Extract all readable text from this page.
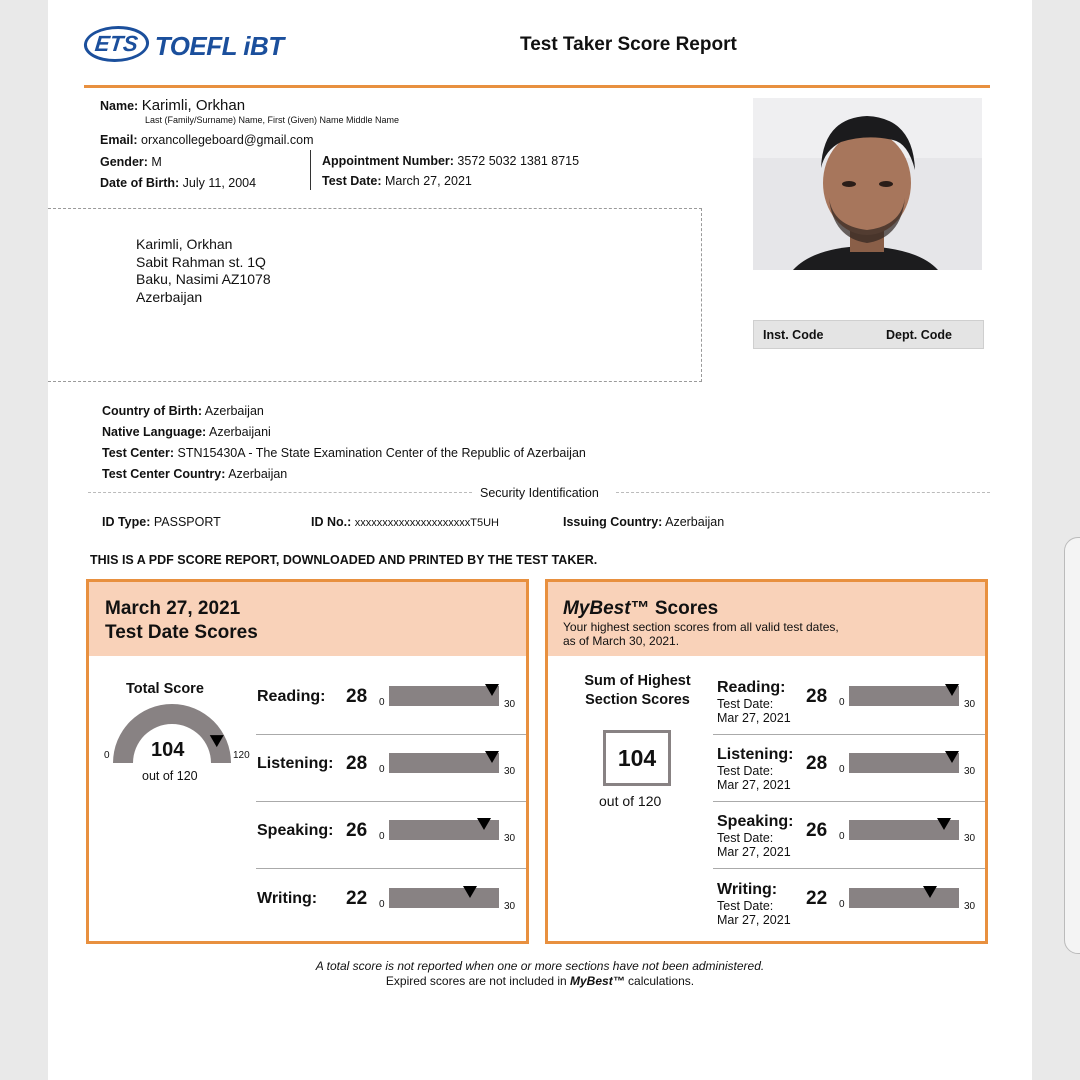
ETS TOEFL iBT	Test Taker Score Report
Name: Karimli, Orkhan
Last (Family/Surname) Name, First (Given) Name Middle Name
Email: orxancollegeboard@gmail.com
Gender: M
Date of Birth: July 11, 2004
Appointment Number: 3572 5032 1381 8715
Test Date: March 27, 2021
Karimli, Orkhan
Sabit Rahman st. 1Q
Baku, Nasimi AZ1078
Azerbaijan
Inst. Code	Dept. Code
Country of Birth: Azerbaijan
Native Language: Azerbaijani
Test Center: STN15430A - The State Examination Center of the Republic of Azerbaijan
Test Center Country: Azerbaijan
Security Identification
ID Type: PASSPORT	ID No.: xxxxxxxxxxxxxxxxxxxxxT5UH	Issuing Country: Azerbaijan
THIS IS A PDF SCORE REPORT, DOWNLOADED AND PRINTED BY THE TEST TAKER.
March 27, 2021
Test Date Scores
Total Score
0	120
104
out of 120
Reading: 28 0	30
Listening: 28 0	30
Speaking: 26 0	30
Writing: 22 0	30
MyBest™ Scores
Your highest section scores from all valid test dates,
as of March 30, 2021.
Sum of Highest
Section Scores
104
out of 120
Reading:
Test Date:
Mar 27, 2021
28 0	30
Listening:
Test Date:
Mar 27, 2021
28 0	30
Speaking:
Test Date:
Mar 27, 2021
26 0	30
Writing:
Test Date:
Mar 27, 2021
22 0	30
A total score is not reported when one or more sections have not been administered.
Expired scores are not included in MyBest™ calculations.
